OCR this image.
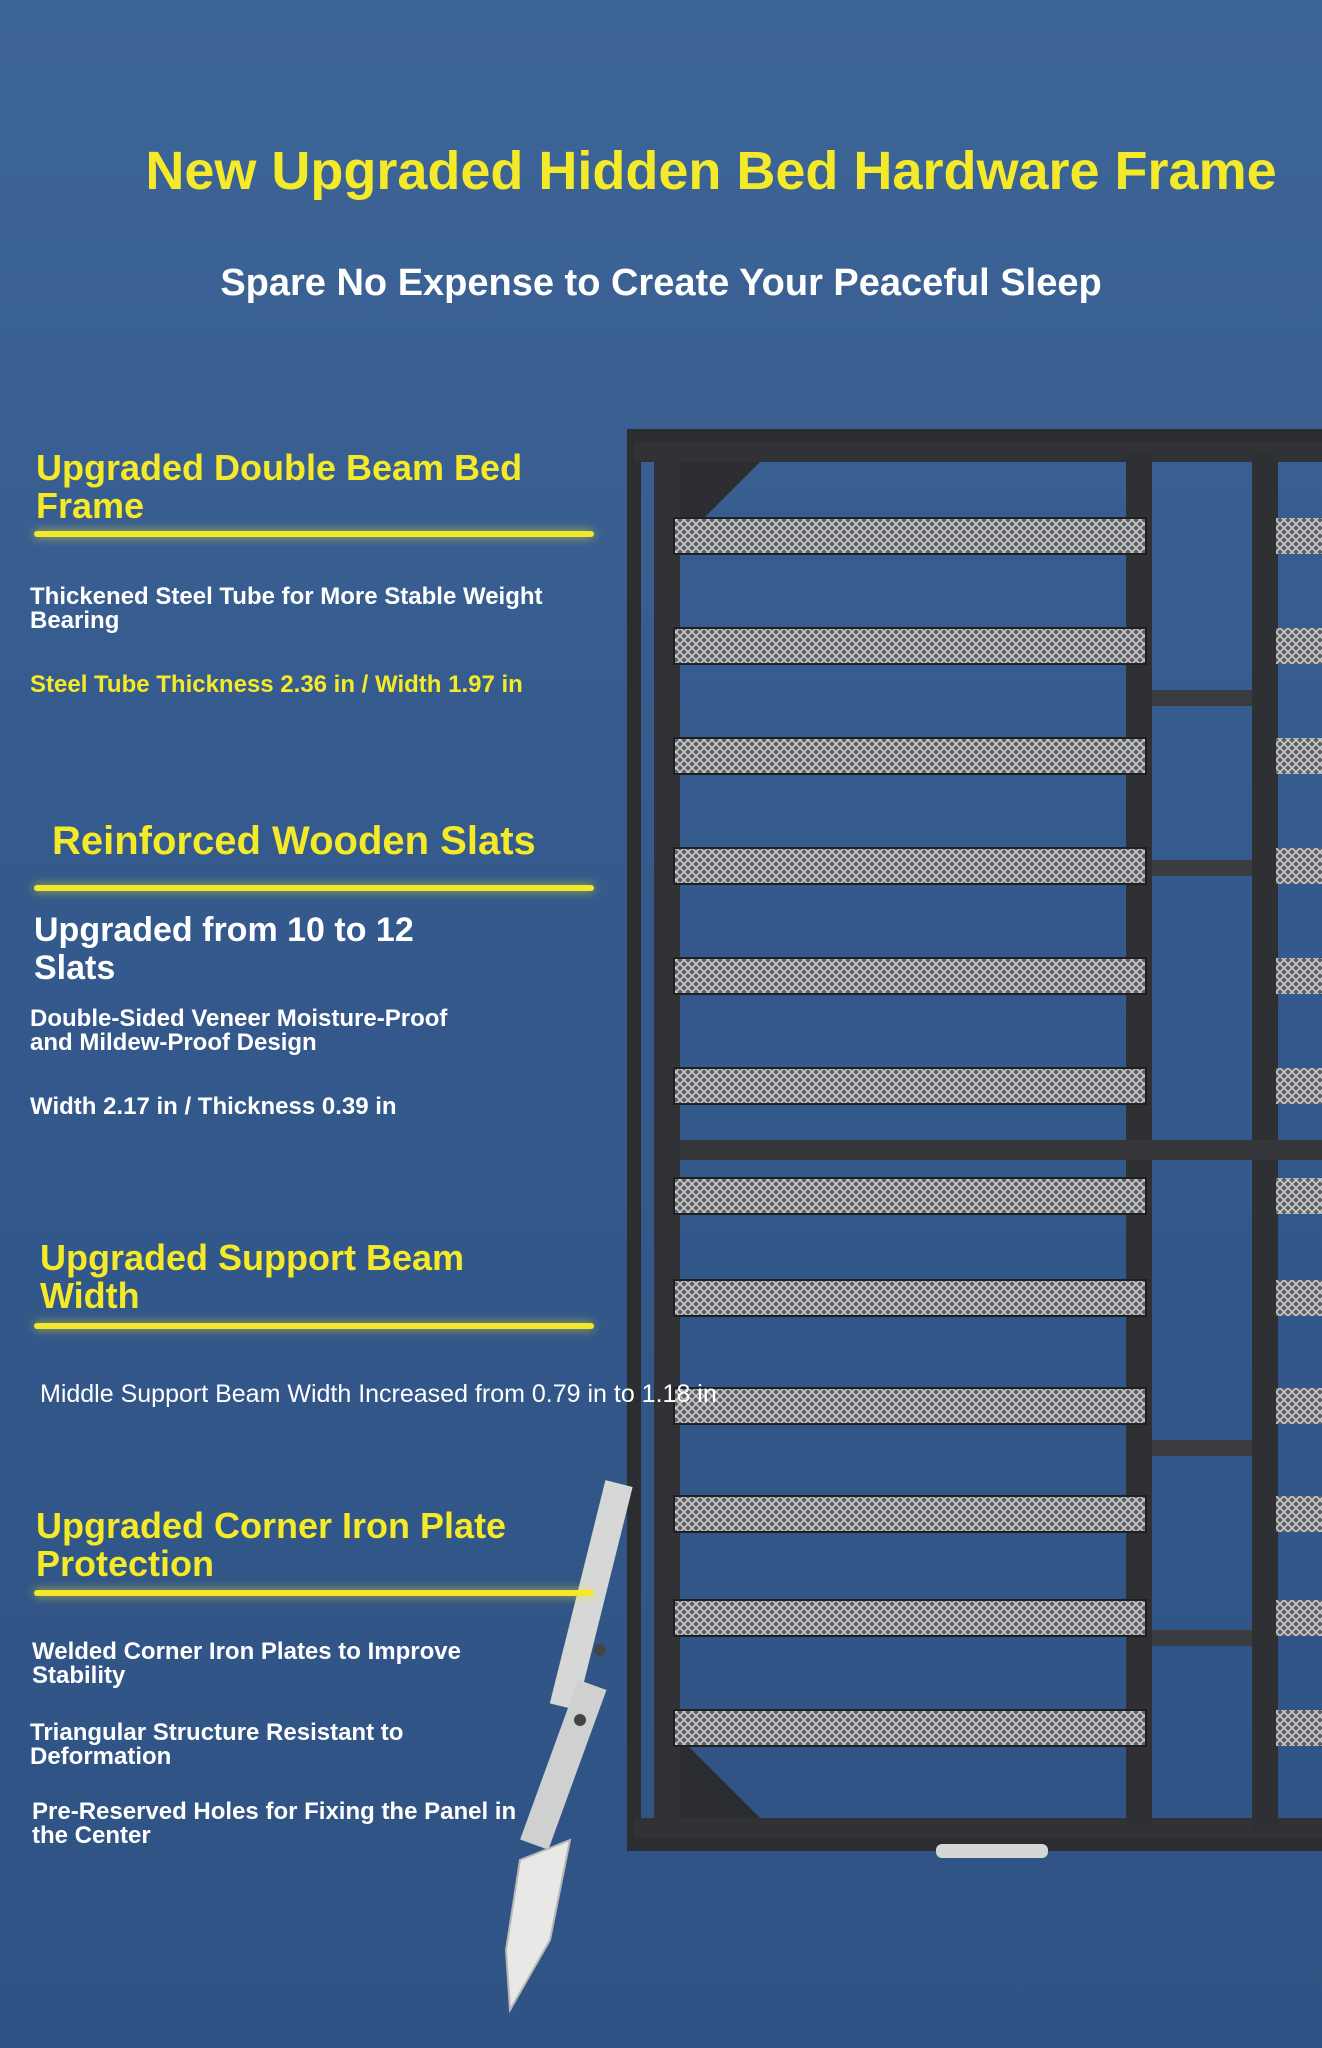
New Upgraded Hidden Bed Hardware Frame
Spare No Expense to Create Your Peaceful Sleep
Upgraded Double Beam Bed Frame
Thickened Steel Tube for More Stable Weight Bearing
Steel Tube Thickness 2.36 in / Width 1.97 in
Reinforced Wooden Slats
Upgraded from 10 to 12 Slats
Double-Sided Veneer Moisture-Proof and Mildew-Proof Design
Width 2.17 in / Thickness 0.39 in
Upgraded Support Beam Width
Middle Support Beam Width Increased from 0.79 in to 1.18 in
Upgraded Corner Iron Plate Protection
Welded Corner Iron Plates to Improve Stability
Triangular Structure Resistant to Deformation
Pre-Reserved Holes for Fixing the Panel in the Center
